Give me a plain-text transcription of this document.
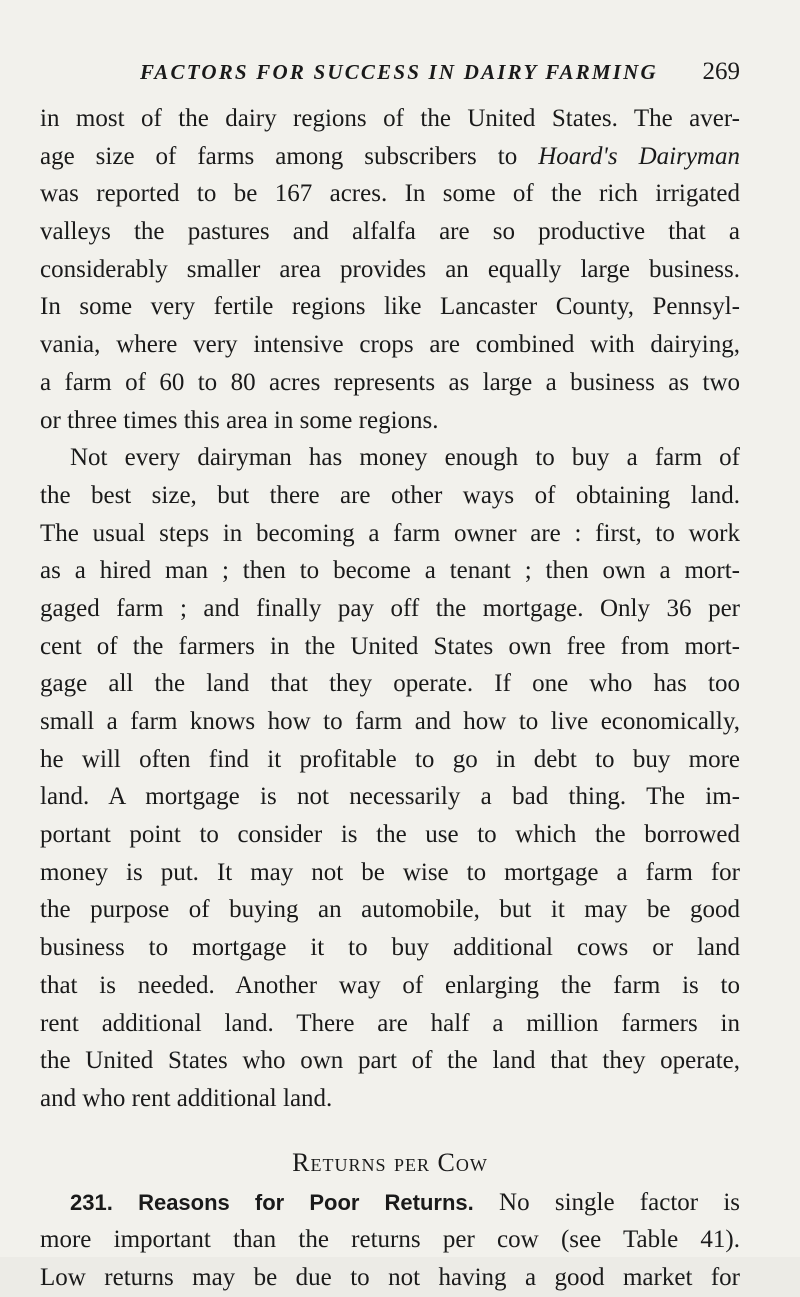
FACTORS FOR SUCCESS IN DAIRY FARMING 269
in most of the dairy regions of the United States. The aver-
age size of farms among subscribers to Hoard's Dairyman
was reported to be 167 acres. In some of the rich irrigated
valleys the pastures and alfalfa are so productive that a
considerably smaller area provides an equally large business.
In some very fertile regions like Lancaster County, Pennsyl-
vania, where very intensive crops are combined with dairying,
a farm of 60 to 80 acres represents as large a business as two
or three times this area in some regions.
Not every dairyman has money enough to buy a farm of
the best size, but there are other ways of obtaining land.
The usual steps in becoming a farm owner are : first, to work
as a hired man ; then to become a tenant ; then own a mort-
gaged farm ; and finally pay off the mortgage. Only 36 per
cent of the farmers in the United States own free from mort-
gage all the land that they operate. If one who has too
small a farm knows how to farm and how to live economically,
he will often find it profitable to go in debt to buy more
land. A mortgage is not necessarily a bad thing. The im-
portant point to consider is the use to which the borrowed
money is put. It may not be wise to mortgage a farm for
the purpose of buying an automobile, but it may be good
business to mortgage it to buy additional cows or land
that is needed. Another way of enlarging the farm is to
rent additional land. There are half a million farmers in
the United States who own part of the land that they operate,
and who rent additional land.
Returns per Cow
231. Reasons for Poor Returns. No single factor is
more important than the returns per cow (see Table 41).
Low returns may be due to not having a good market for
